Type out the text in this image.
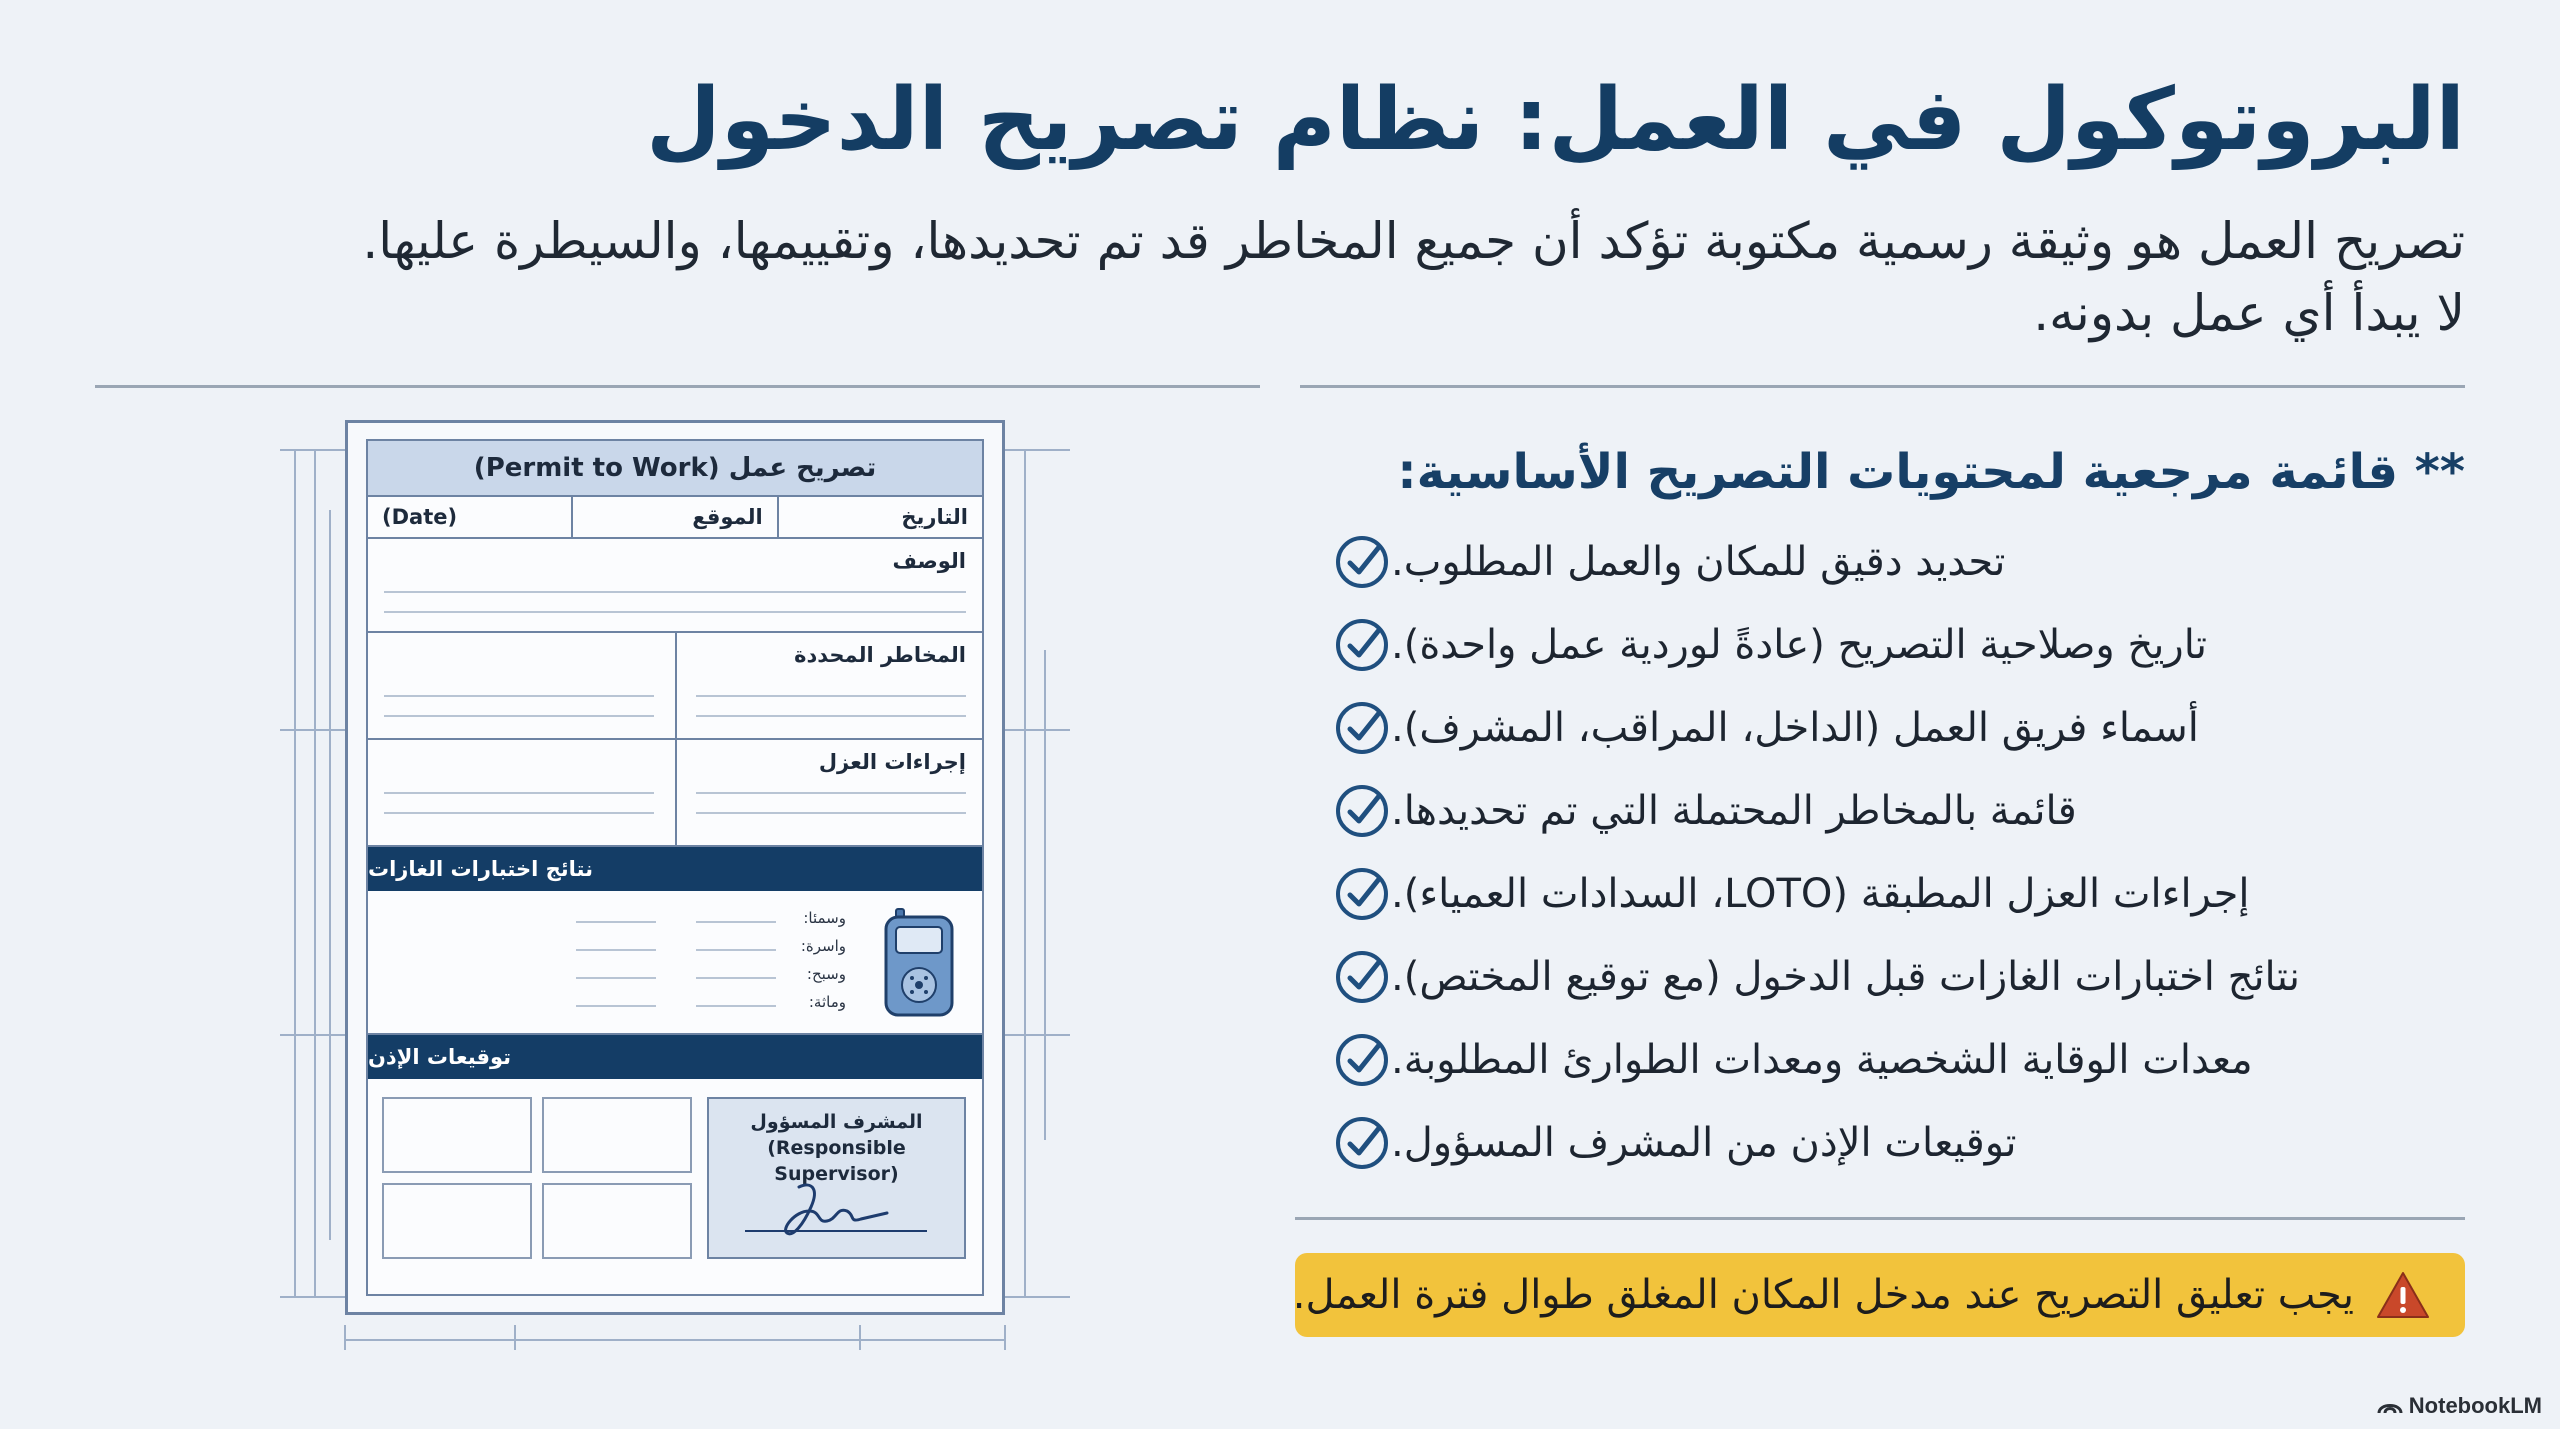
البروتوكول في العمل: نظام تصريح الدخول

تصريح العمل هو وثيقة رسمية مكتوبة تؤكد أن جميع المخاطر قد تم تحديدها، وتقييمها، والسيطرة عليها.
لا يبدأ أي عمل بدونه.

تصريح عمل (Permit to Work)
التاريخ
الموقع
(Date)
الوصف
المخاطر المحددة
إجراءات العزل
نتائج اختبارات الغازات
وسمئا:
واسرة:
وسبح:
وماثة:
توقيعات الإذن
المشرف المسؤول
(Responsible Supervisor)
** قائمة مرجعية لمحتويات التصريح الأساسية:
تحديد دقيق للمكان والعمل المطلوب.
تاريخ وصلاحية التصريح (عادةً لوردية عمل واحدة).
أسماء فريق العمل (الداخل، المراقب، المشرف).
قائمة بالمخاطر المحتملة التي تم تحديدها.
إجراءات العزل المطبقة (LOTO، السدادات العمياء).
نتائج اختبارات الغازات قبل الدخول (مع توقيع المختص).
معدات الوقاية الشخصية ومعدات الطوارئ المطلوبة.
توقيعات الإذن من المشرف المسؤول.
يجب تعليق التصريح عند مدخل المكان المغلق طوال فترة العمل.
NotebookLM
